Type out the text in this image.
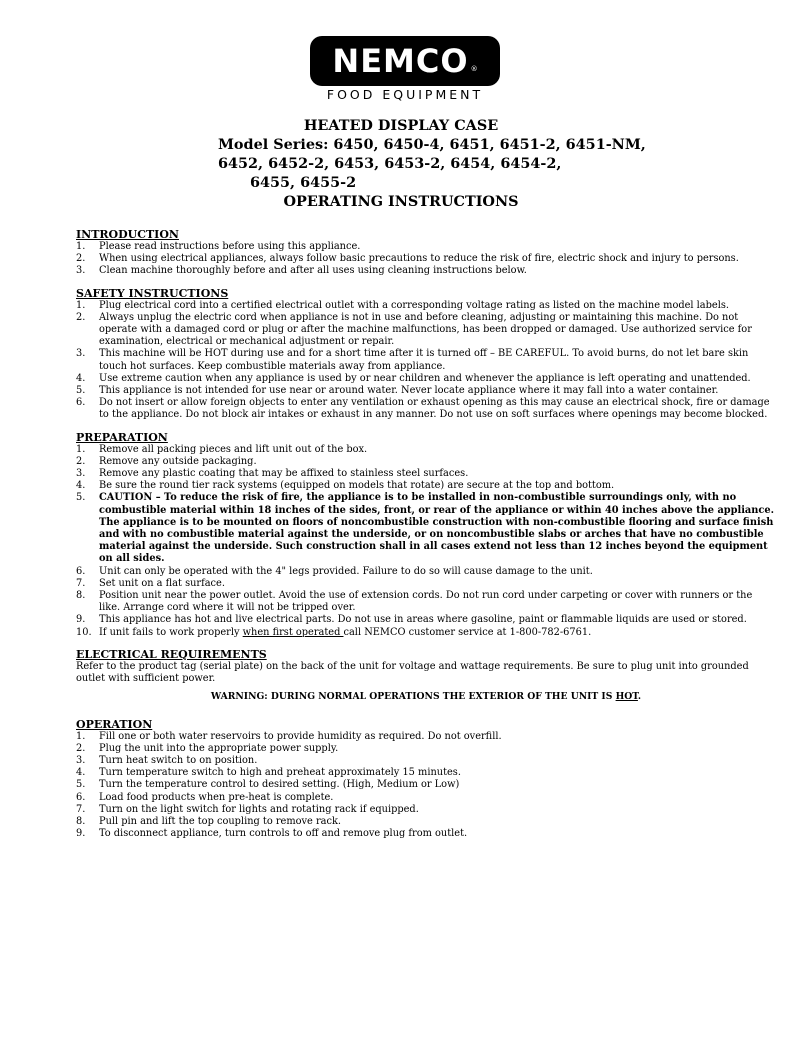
NEMCO ®
FOOD EQUIPMENT
HEATED DISPLAY CASE
Model Series: 6450, 6450-4, 6451, 6451-2, 6451-NM,
6452, 6452-2, 6453, 6453-2, 6454, 6454-2,
6455, 6455-2
OPERATING INSTRUCTIONS
INTRODUCTION
1.	Please read instructions before using this appliance.
2.	When using electrical appliances, always follow basic precautions to reduce the risk of fire, electric shock and injury to persons.
3.	Clean machine thoroughly before and after all uses using cleaning instructions below.
SAFETY INSTRUCTIONS
1.	Plug electrical cord into a certified electrical outlet with a corresponding voltage rating as listed on the machine model labels.
2.	Always unplug the electric cord when appliance is not in use and before cleaning, adjusting or maintaining this machine. Do not operate with a damaged cord or plug or after the machine malfunctions, has been dropped or damaged. Use authorized service for examination, electrical or mechanical adjustment or repair.
3.	This machine will be HOT during use and for a short time after it is turned off – BE CAREFUL. To avoid burns, do not let bare skin touch hot surfaces. Keep combustible materials away from appliance.
4.	Use extreme caution when any appliance is used by or near children and whenever the appliance is left operating and unattended.
5.	This appliance is not intended for use near or around water. Never locate appliance where it may fall into a water container.
6.	Do not insert or allow foreign objects to enter any ventilation or exhaust opening as this may cause an electrical shock, fire or damage to the appliance. Do not block air intakes or exhaust in any manner. Do not use on soft surfaces where openings may become blocked.
PREPARATION
1.	Remove all packing pieces and lift unit out of the box.
2.	Remove any outside packaging.
3.	Remove any plastic coating that may be affixed to stainless steel surfaces.
4.	Be sure the round tier rack systems (equipped on models that rotate) are secure at the top and bottom.
5.	CAUTION – To reduce the risk of fire, the appliance is to be installed in non-combustible surroundings only, with no combustible material within 18 inches of the sides, front, or rear of the appliance or within 40 inches above the appliance. The appliance is to be mounted on floors of noncombustible construction with non-combustible flooring and surface finish and with no combustible material against the underside, or on noncombustible slabs or arches that have no combustible material against the underside. Such construction shall in all cases extend not less than 12 inches beyond the equipment on all sides.
6.	Unit can only be operated with the 4" legs provided. Failure to do so will cause damage to the unit.
7.	Set unit on a flat surface.
8.	Position unit near the power outlet. Avoid the use of extension cords. Do not run cord under carpeting or cover with runners or the like. Arrange cord where it will not be tripped over.
9.	This appliance has hot and live electrical parts. Do not use in areas where gasoline, paint or flammable liquids are used or stored.
10. If unit fails to work properly when first operated call NEMCO customer service at 1-800-782-6761.
ELECTRICAL REQUIREMENTS
Refer to the product tag (serial plate) on the back of the unit for voltage and wattage requirements. Be sure to plug unit into grounded outlet with sufficient power.
WARNING: DURING NORMAL OPERATIONS THE EXTERIOR OF THE UNIT IS HOT.
OPERATION
1.	Fill one or both water reservoirs to provide humidity as required. Do not overfill.
2.	Plug the unit into the appropriate power supply.
3.	Turn heat switch to on position.
4.	Turn temperature switch to high and preheat approximately 15 minutes.
5.	Turn the temperature control to desired setting. (High, Medium or Low)
6.	Load food products when pre-heat is complete.
7.	Turn on the light switch for lights and rotating rack if equipped.
8.	Pull pin and lift the top coupling to remove rack.
9.	To disconnect appliance, turn controls to off and remove plug from outlet.
